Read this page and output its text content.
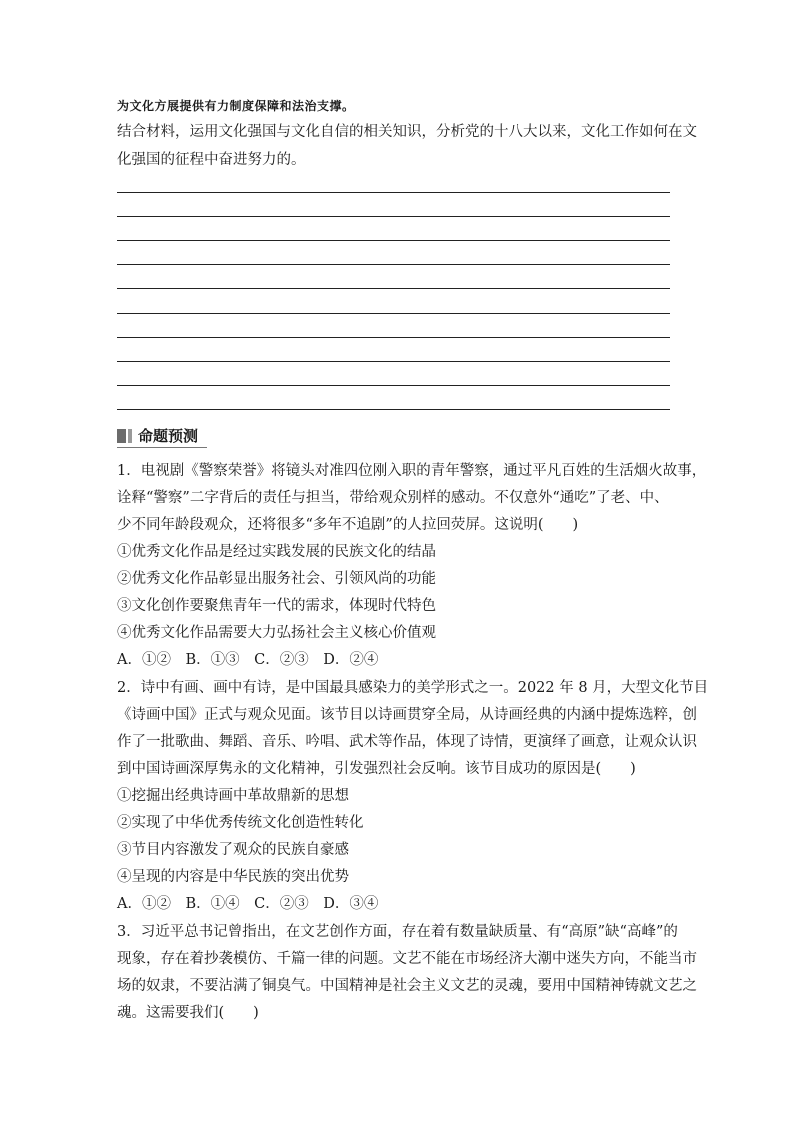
为文化方展提供有力制度保障和法治支撑。
结合材料，运用文化强国与文化自信的相关知识，分析党的十八大以来，文化工作如何在文
化强国的征程中奋进努力的。
命题预测
1．电视剧《警察荣誉》将镜头对准四位刚入职的青年警察，通过平凡百姓的生活烟火故事，
诠释“警察”二字背后的责任与担当，带给观众别样的感动。不仅意外“通吃”了老、中、
少不同年龄段观众，还将很多“多年不追剧”的人拉回荧屏。这说明(　　)
①优秀文化作品是经过实践发展的民族文化的结晶
②优秀文化作品彰显出服务社会、引领风尚的功能
③文化创作要聚焦青年一代的需求，体现时代特色
④优秀文化作品需要大力弘扬社会主义核心价值观
A．①②　B．①③　C．②③　D．②④
2．诗中有画、画中有诗，是中国最具感染力的美学形式之一。2022 年 8 月，大型文化节目
《诗画中国》正式与观众见面。该节目以诗画贯穿全局，从诗画经典的内涵中提炼选粹，创
作了一批歌曲、舞蹈、音乐、吟唱、武术等作品，体现了诗情，更演绎了画意，让观众认识
到中国诗画深厚隽永的文化精神，引发强烈社会反响。该节目成功的原因是(　　)
①挖掘出经典诗画中革故鼎新的思想
②实现了中华优秀传统文化创造性转化
③节目内容激发了观众的民族自豪感
④呈现的内容是中华民族的突出优势
A．①②　B．①④　C．②③　D．③④
3．习近平总书记曾指出，在文艺创作方面，存在着有数量缺质量、有“高原”缺“高峰”的
现象，存在着抄袭模仿、千篇一律的问题。文艺不能在市场经济大潮中迷失方向，不能当市
场的奴隶，不要沾满了铜臭气。中国精神是社会主义文艺的灵魂，要用中国精神铸就文艺之
魂。这需要我们(　　)
